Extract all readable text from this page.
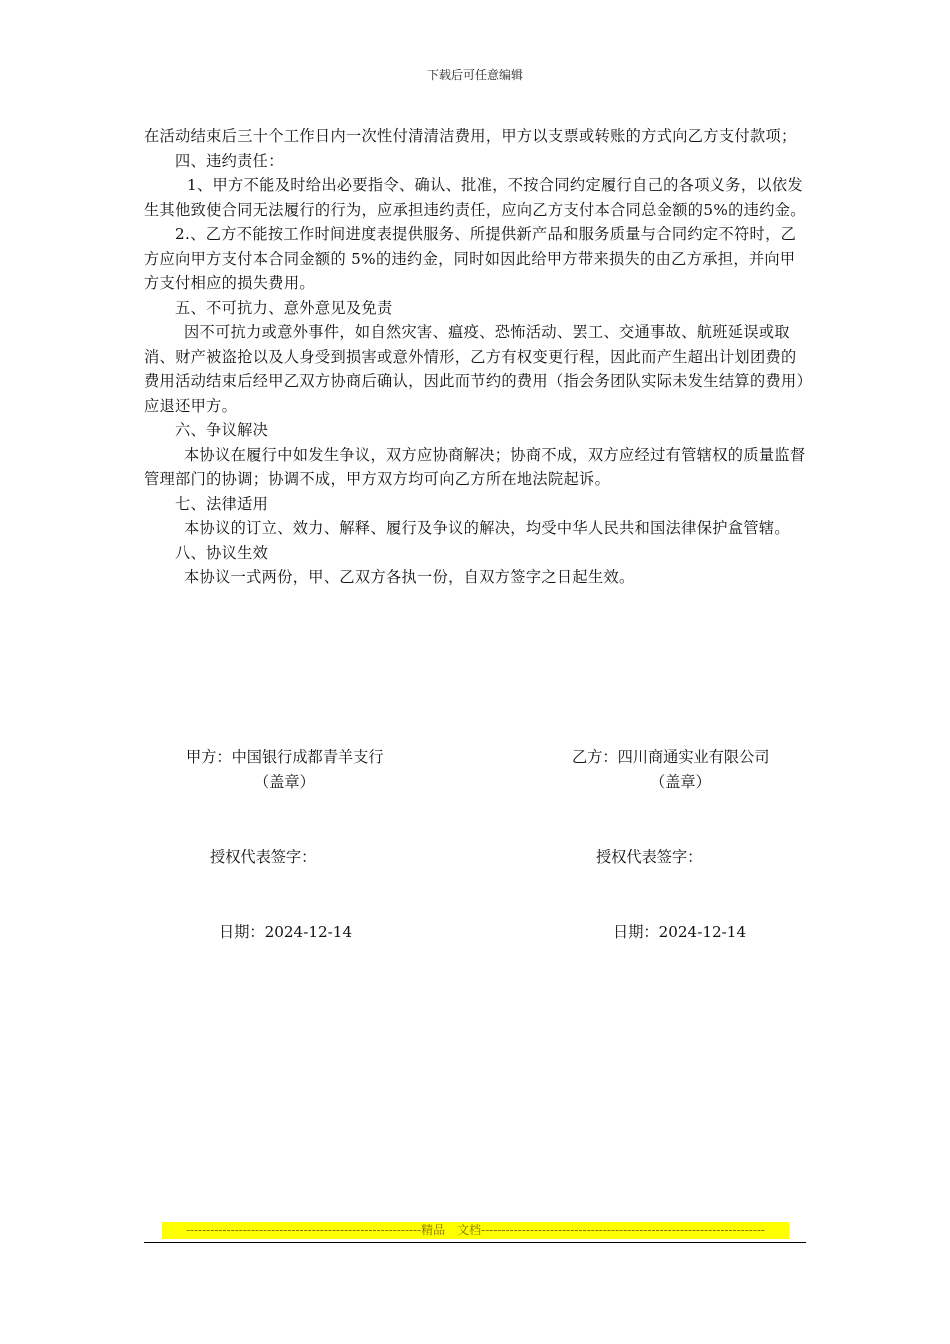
下载后可任意编辑

在活动结束后三十个工作日内一次性付清清洁费用，甲方以支票或转账的方式向乙方支付款项；

四、违约责任：

1、甲方不能及时给出必要指令、确认、批准，不按合同约定履行自己的各项义务，以依发生其他致使合同无法履行的行为，应承担违约责任，应向乙方支付本合同总金额的5%的违约金。

2.、乙方不能按工作时间进度表提供服务、所提供新产品和服务质量与合同约定不符时，乙方应向甲方支付本合同金额的 5%的违约金，同时如因此给甲方带来损失的由乙方承担，并向甲方支付相应的损失费用。

五、不可抗力、意外意见及免责

因不可抗力或意外事件，如自然灾害、瘟疫、恐怖活动、罢工、交通事故、航班延误或取消、财产被盗抢以及人身受到损害或意外情形，乙方有权变更行程，因此而产生超出计划团费的费用活动结束后经甲乙双方协商后确认，因此而节约的费用（指会务团队实际未发生结算的费用）应退还甲方。

六、争议解决

本协议在履行中如发生争议，双方应协商解决；协商不成，双方应经过有管辖权的质量监督管理部门的协调；协调不成，甲方双方均可向乙方所在地法院起诉。

七、法律适用

本协议的订立、效力、解释、履行及争议的解决，均受中华人民共和国法律保护盒管辖。

八、协议生效

本协议一式两份，甲、乙双方各执一份，自双方签字之日起生效。

甲方：中国银行成都青羊支行
（盖章）
授权代表签字：
日期：2024-12-14
乙方：四川商通实业有限公司
（盖章）
授权代表签字：
日期：2024-12-14
----------------------------------------------------------精品　文档----------------------------------------------------------------------
